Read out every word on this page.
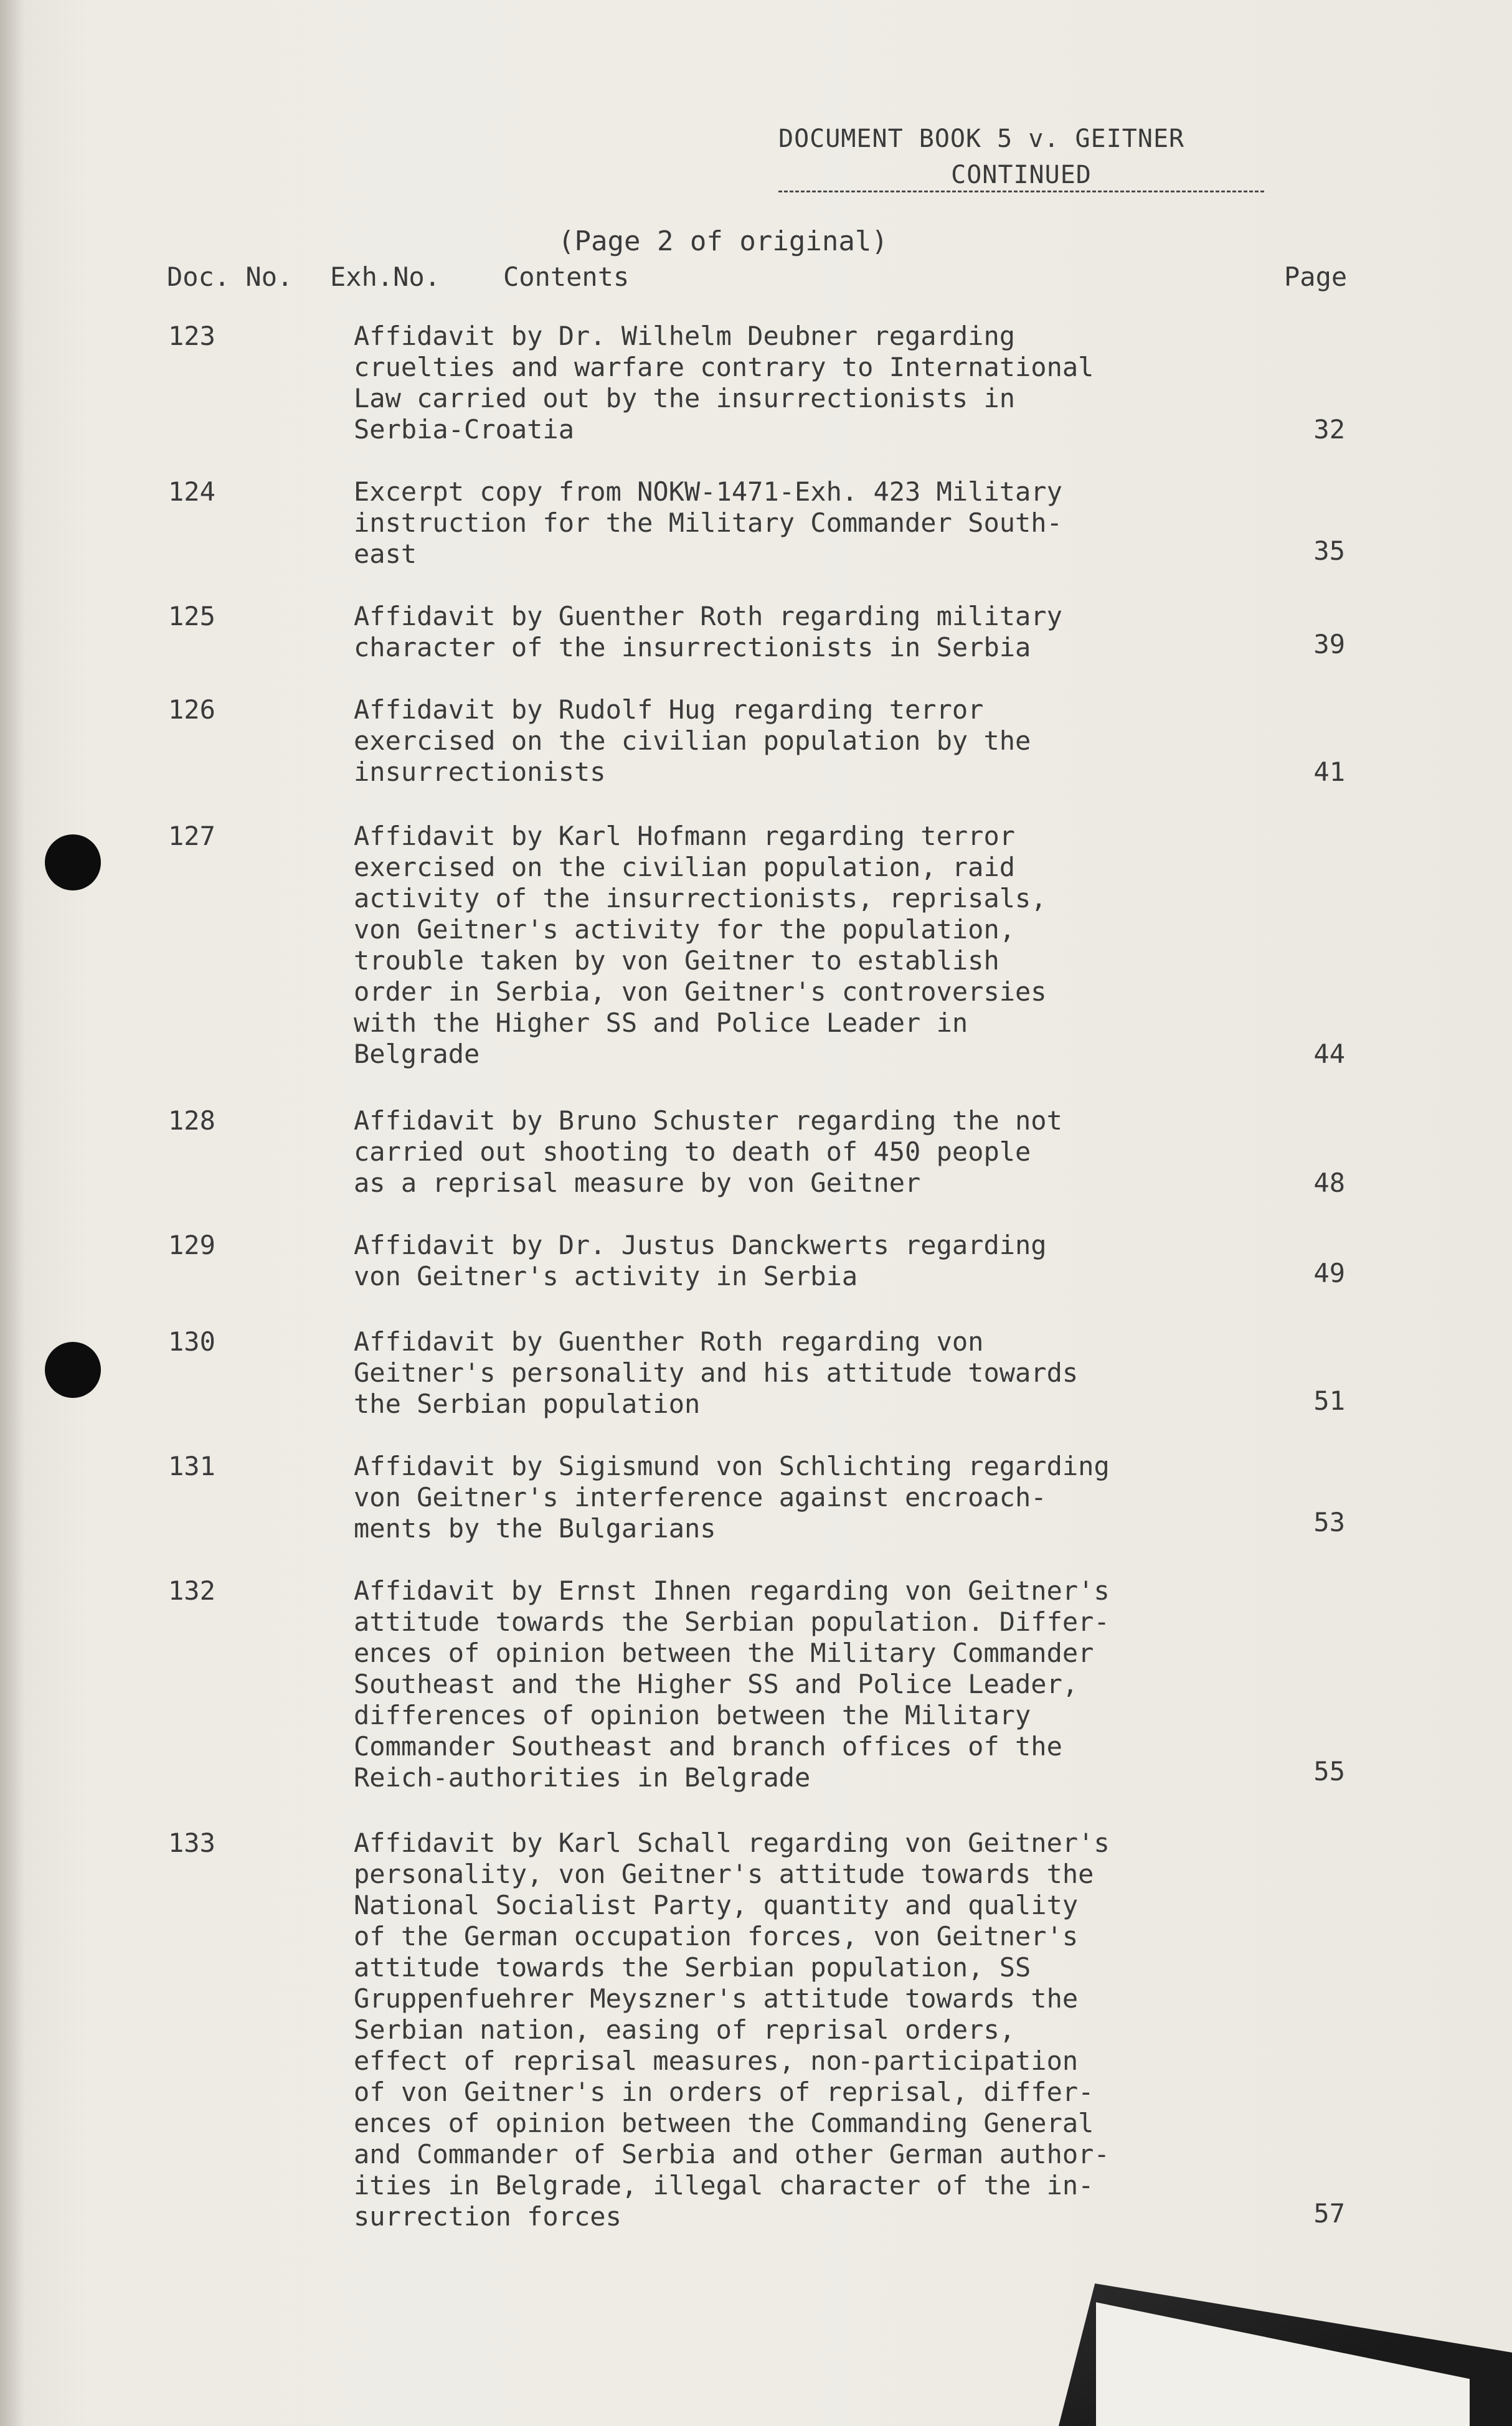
DOCUMENT BOOK 5 v. GEITNER
CONTINUED
(Page 2 of original)
Doc. No. Exh.No. Contents	Page
123	Affidavit by Dr. Wilhelm Deubner regarding
cruelties and warfare contrary to International
Law carried out by the insurrectionists in
Serbia-Croatia	32
124	Excerpt copy from NOKW-1471-Exh. 423 Military
instruction for the Military Commander South-
east	35
125	Affidavit by Guenther Roth regarding military
character of the insurrectionists in Serbia	39
126	Affidavit by Rudolf Hug regarding terror
exercised on the civilian population by the
insurrectionists	41
127	Affidavit by Karl Hofmann regarding terror
exercised on the civilian population, raid
activity of the insurrectionists, reprisals,
von Geitner's activity for the population,
trouble taken by von Geitner to establish
order in Serbia, von Geitner's controversies
with the Higher SS and Police Leader in
Belgrade	44
128	Affidavit by Bruno Schuster regarding the not
carried out shooting to death of 450 people
as a reprisal measure by von Geitner	48
129	Affidavit by Dr. Justus Danckwerts regarding
von Geitner's activity in Serbia	49
130	Affidavit by Guenther Roth regarding von
Geitner's personality and his attitude towards
the Serbian population	51
131	Affidavit by Sigismund von Schlichting regarding
von Geitner's interference against encroach-
ments by the Bulgarians	53
132	Affidavit by Ernst Ihnen regarding von Geitner's
attitude towards the Serbian population. Differ-
ences of opinion between the Military Commander
Southeast and the Higher SS and Police Leader,
differences of opinion between the Military
Commander Southeast and branch offices of the
Reich-authorities in Belgrade	55
133	Affidavit by Karl Schall regarding von Geitner's
personality, von Geitner's attitude towards the
National Socialist Party, quantity and quality
of the German occupation forces, von Geitner's
attitude towards the Serbian population, SS
Gruppenfuehrer Meyszner's attitude towards the
Serbian nation, easing of reprisal orders,
effect of reprisal measures, non-participation
of von Geitner's in orders of reprisal, differ-
ences of opinion between the Commanding General
and Commander of Serbia and other German author-
ities in Belgrade, illegal character of the in-
surrection forces	57
